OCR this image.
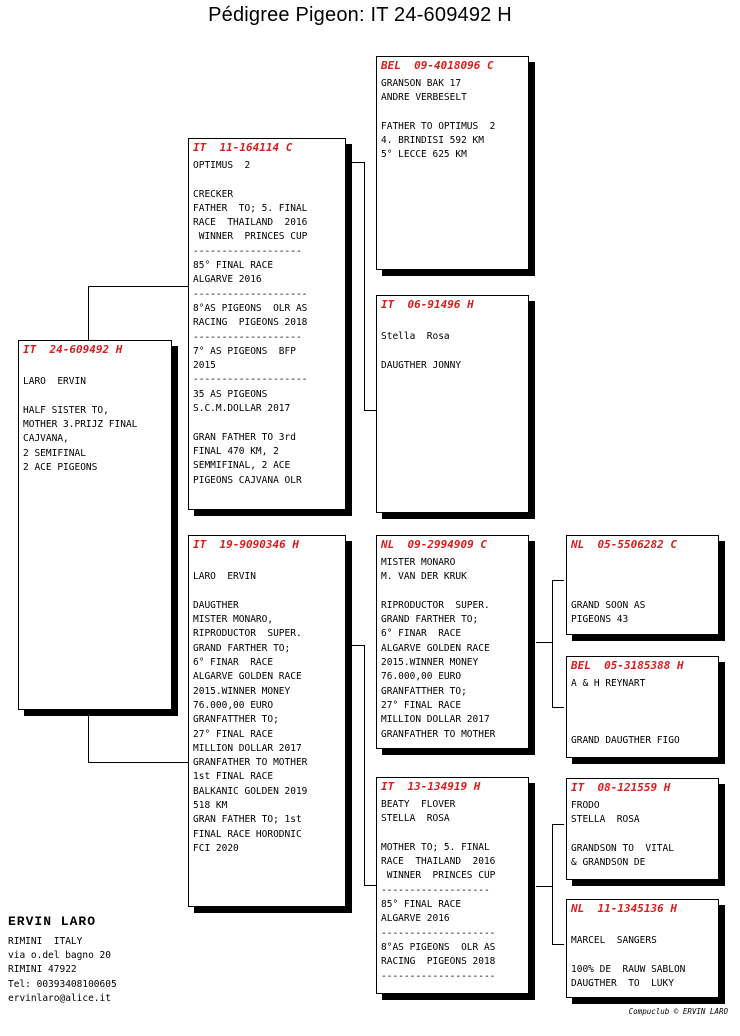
Pédigree Pigeon: IT 24-609492 H
IT  24-609492 H
LARO  ERVIN
HALF SISTER TO,
MOTHER 3.PRIJZ FINAL
CAJVANA,
2 SEMIFINAL
2 ACE PIGEONS
IT  11-164114 C
OPTIMUS  2
CRECKER
FATHER  TO; 5. FINAL
RACE  THAILAND  2016
WINNER  PRINCES CUP
-------------------
85° FINAL RACE
ALGARVE 2016
--------------------
8°AS PIGEONS  OLR AS
RACING  PIGEONS 2018
-------------------
7° AS PIGEONS  BFP
2015
--------------------
35 AS PIGEONS
S.C.M.DOLLAR 2017
GRAN FATHER TO 3rd
FINAL 470 KM, 2
SEMMIFINAL, 2 ACE
PIGEONS CAJVANA OLR
IT  19-9090346 H
LARO  ERVIN
DAUGTHER
MISTER MONARO,
RIPRODUCTOR  SUPER.
GRAND FARTHER TO;
6° FINAR  RACE
ALGARVE GOLDEN RACE
2015.WINNER MONEY
76.000,00 EURO
GRANFATTHER TO;
27° FINAL RACE
MILLION DOLLAR 2017
GRANFATHER TO MOTHER
1st FINAL RACE
BALKANIC GOLDEN 2019
518 KM
GRAN FATHER TO; 1st
FINAL RACE HORODNIC
FCI 2020
BEL  09-4018096 C
GRANSON BAK 17
ANDRE VERBESELT
FATHER TO OPTIMUS  2
4. BRINDISI 592 KM
5° LECCE 625 KM
IT  06-91496 H
Stella  Rosa
DAUGTHER JONNY
NL  09-2994909 C
MISTER MONARO
M. VAN DER KRUK
RIPRODUCTOR  SUPER.
GRAND FARTHER TO;
6° FINAR  RACE
ALGARVE GOLDEN RACE
2015.WINNER MONEY
76.000,00 EURO
GRANFATTHER TO;
27° FINAL RACE
MILLION DOLLAR 2017
GRANFATHER TO MOTHER
IT  13-134919 H
BEATY  FLOVER
STELLA  ROSA
MOTHER TO; 5. FINAL
RACE  THAILAND  2016
WINNER  PRINCES CUP
-------------------
85° FINAL RACE
ALGARVE 2016
--------------------
8°AS PIGEONS  OLR AS
RACING  PIGEONS 2018
--------------------
NL  05-5506282 C
GRAND SOON AS
PIGEONS 43
BEL  05-3185388 H
A & H REYNART
GRAND DAUGTHER FIGO
IT  08-121559 H
FRODO
STELLA  ROSA
GRANDSON TO  VITAL
& GRANDSON DE
NL  11-1345136 H
MARCEL  SANGERS
100% DE  RAUW SABLON
DAUGTHER  TO  LUKY
ERVIN LARO
RIMINI  ITALY
via o.del bagno 20
RIMINI 47922
Tel: 00393408100605
ervinlaro@alice.it
Compuclub © ERVIN LARO
